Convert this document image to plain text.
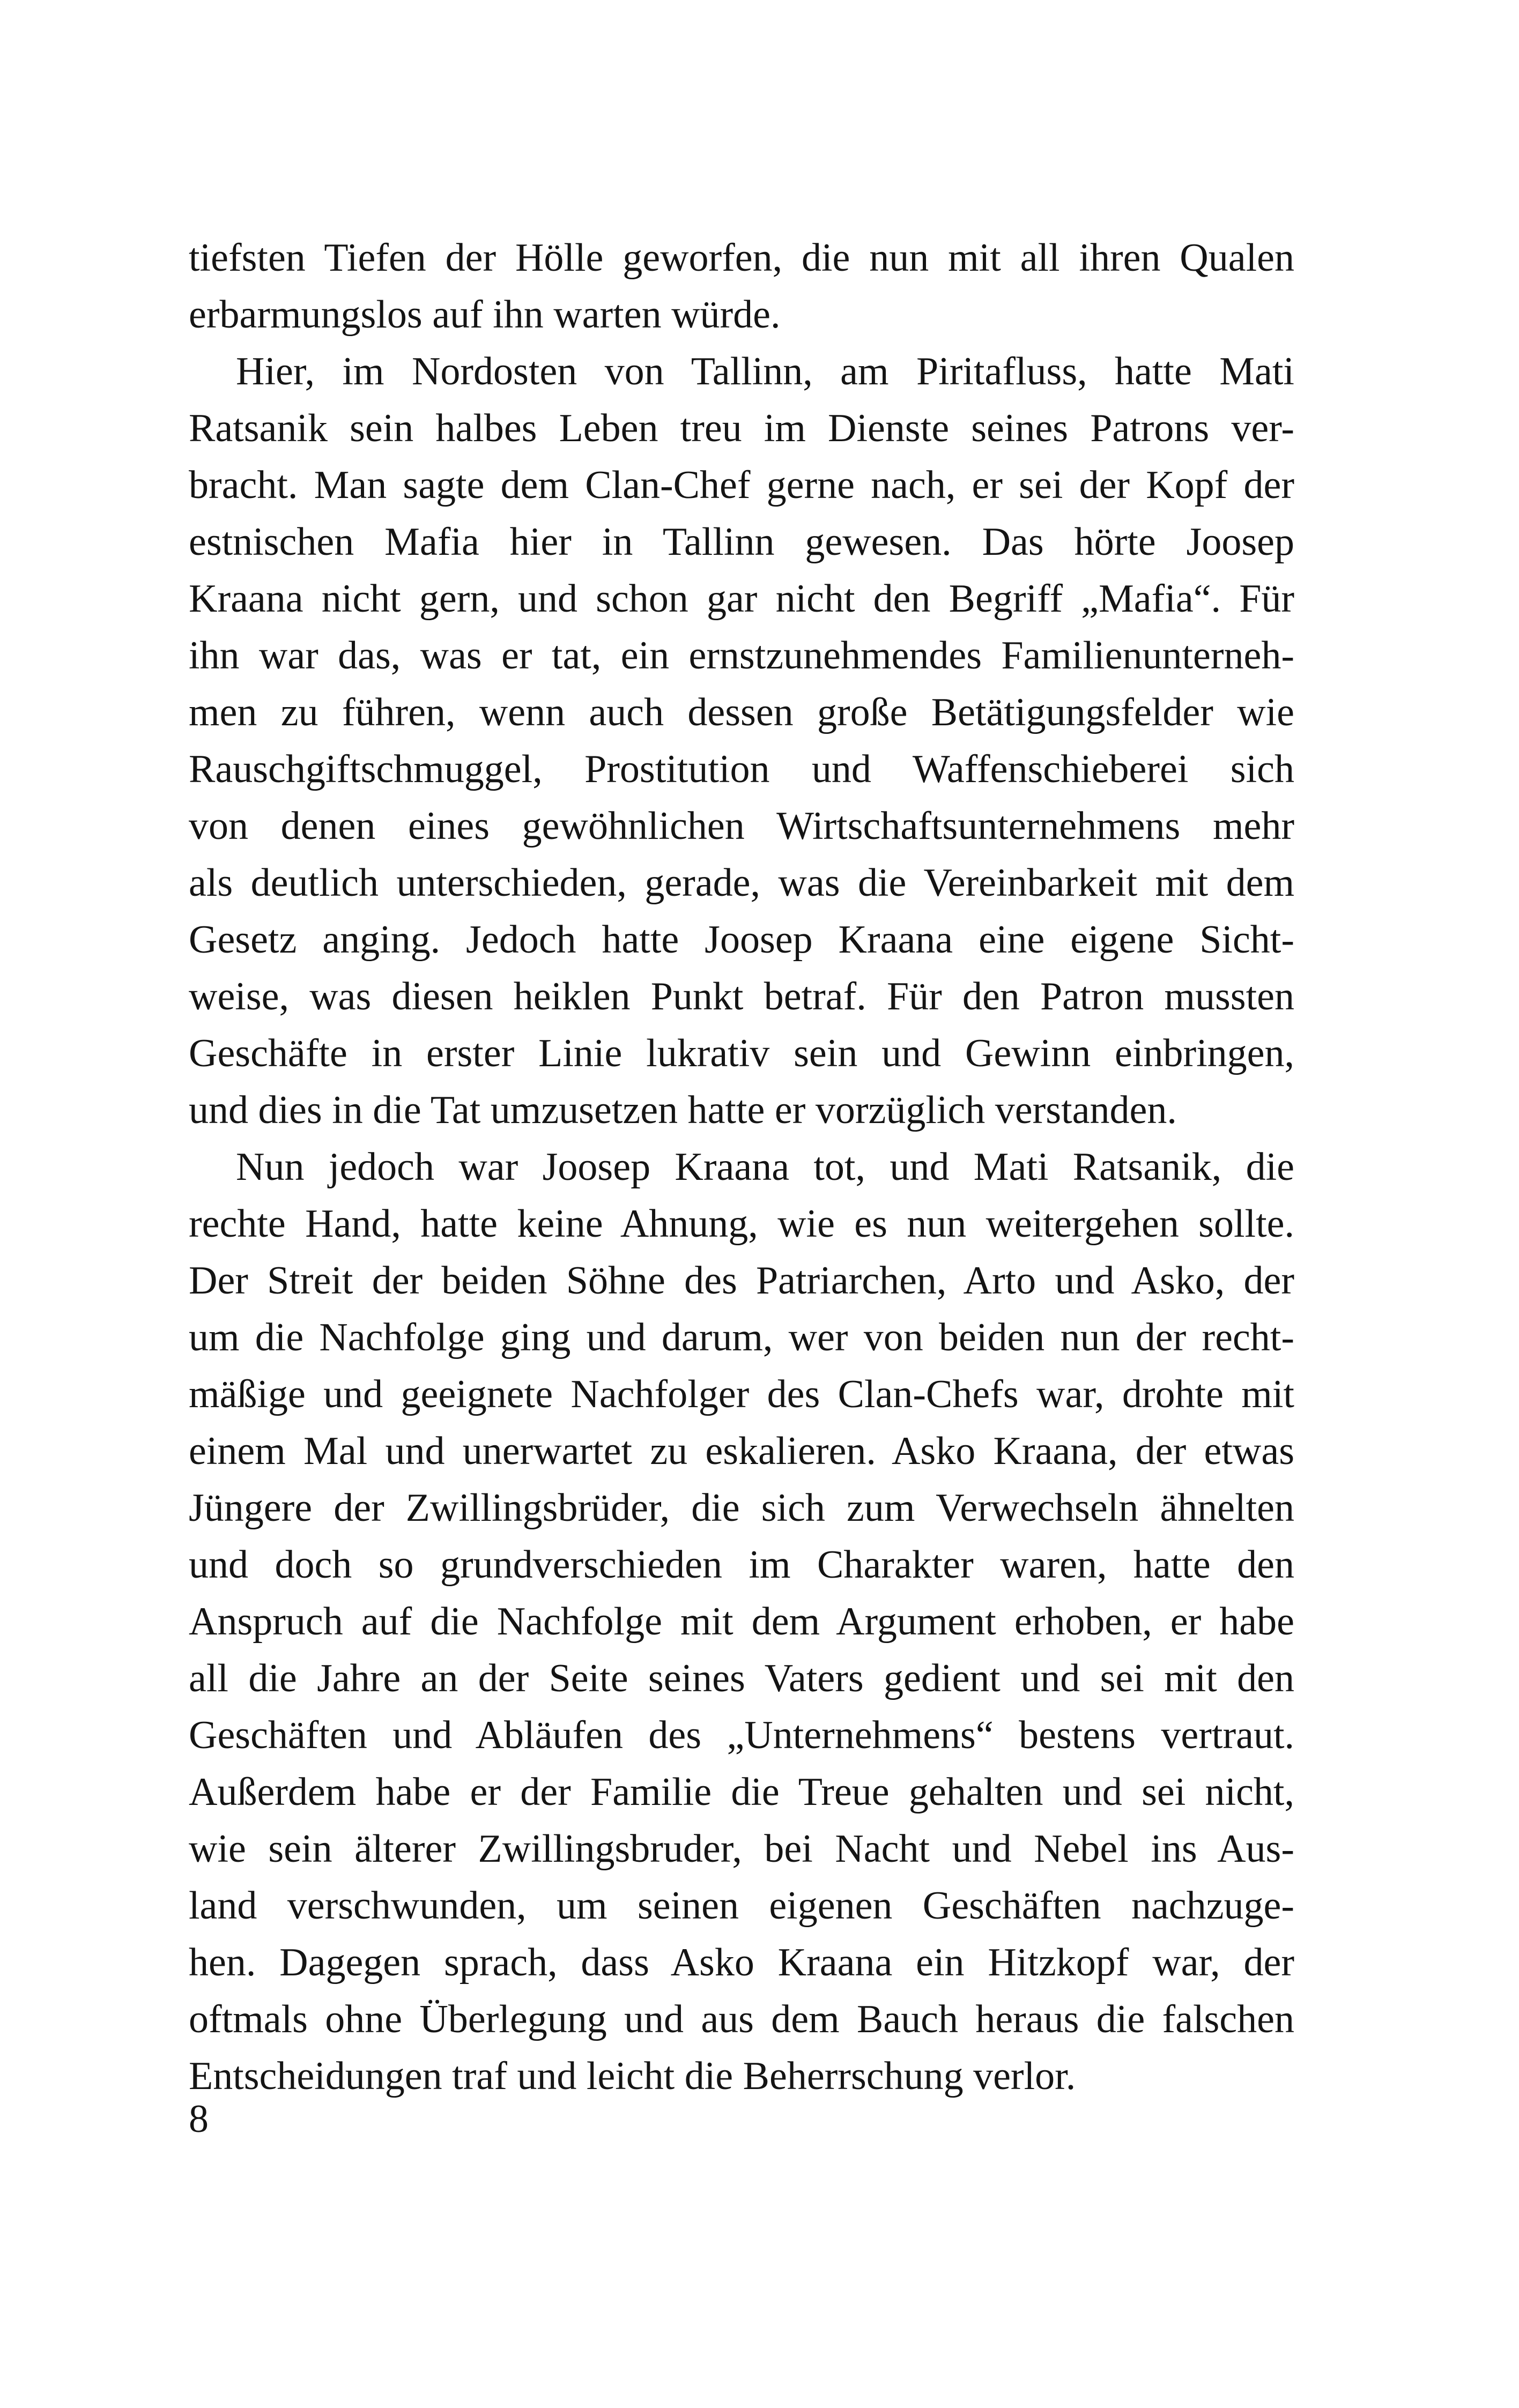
tiefsten Tiefen der Hölle geworfen, die nun mit all ihren Qualen
erbarmungslos auf ihn warten würde.
Hier, im Nordosten von Tallinn, am Piritafluss, hatte Mati
Ratsanik sein halbes Leben treu im Dienste seines Patrons ver-
bracht. Man sagte dem Clan-Chef gerne nach, er sei der Kopf der
estnischen Mafia hier in Tallinn gewesen. Das hörte Joosep
Kraana nicht gern, und schon gar nicht den Begriff „Mafia“. Für
ihn war das, was er tat, ein ernstzunehmendes Familienunterneh-
men zu führen, wenn auch dessen große Betätigungsfelder wie
Rauschgiftschmuggel, Prostitution und Waffenschieberei sich
von denen eines gewöhnlichen Wirtschaftsunternehmens mehr
als deutlich unterschieden, gerade, was die Vereinbarkeit mit dem
Gesetz anging. Jedoch hatte Joosep Kraana eine eigene Sicht-
weise, was diesen heiklen Punkt betraf. Für den Patron mussten
Geschäfte in erster Linie lukrativ sein und Gewinn einbringen,
und dies in die Tat umzusetzen hatte er vorzüglich verstanden.
Nun jedoch war Joosep Kraana tot, und Mati Ratsanik, die
rechte Hand, hatte keine Ahnung, wie es nun weitergehen sollte.
Der Streit der beiden Söhne des Patriarchen, Arto und Asko, der
um die Nachfolge ging und darum, wer von beiden nun der recht-
mäßige und geeignete Nachfolger des Clan-Chefs war, drohte mit
einem Mal und unerwartet zu eskalieren. Asko Kraana, der etwas
Jüngere der Zwillingsbrüder, die sich zum Verwechseln ähnelten
und doch so grundverschieden im Charakter waren, hatte den
Anspruch auf die Nachfolge mit dem Argument erhoben, er habe
all die Jahre an der Seite seines Vaters gedient und sei mit den
Geschäften und Abläufen des „Unternehmens“ bestens vertraut.
Außerdem habe er der Familie die Treue gehalten und sei nicht,
wie sein älterer Zwillingsbruder, bei Nacht und Nebel ins Aus-
land verschwunden, um seinen eigenen Geschäften nachzuge-
hen. Dagegen sprach, dass Asko Kraana ein Hitzkopf war, der
oftmals ohne Überlegung und aus dem Bauch heraus die falschen
Entscheidungen traf und leicht die Beherrschung verlor.
8
